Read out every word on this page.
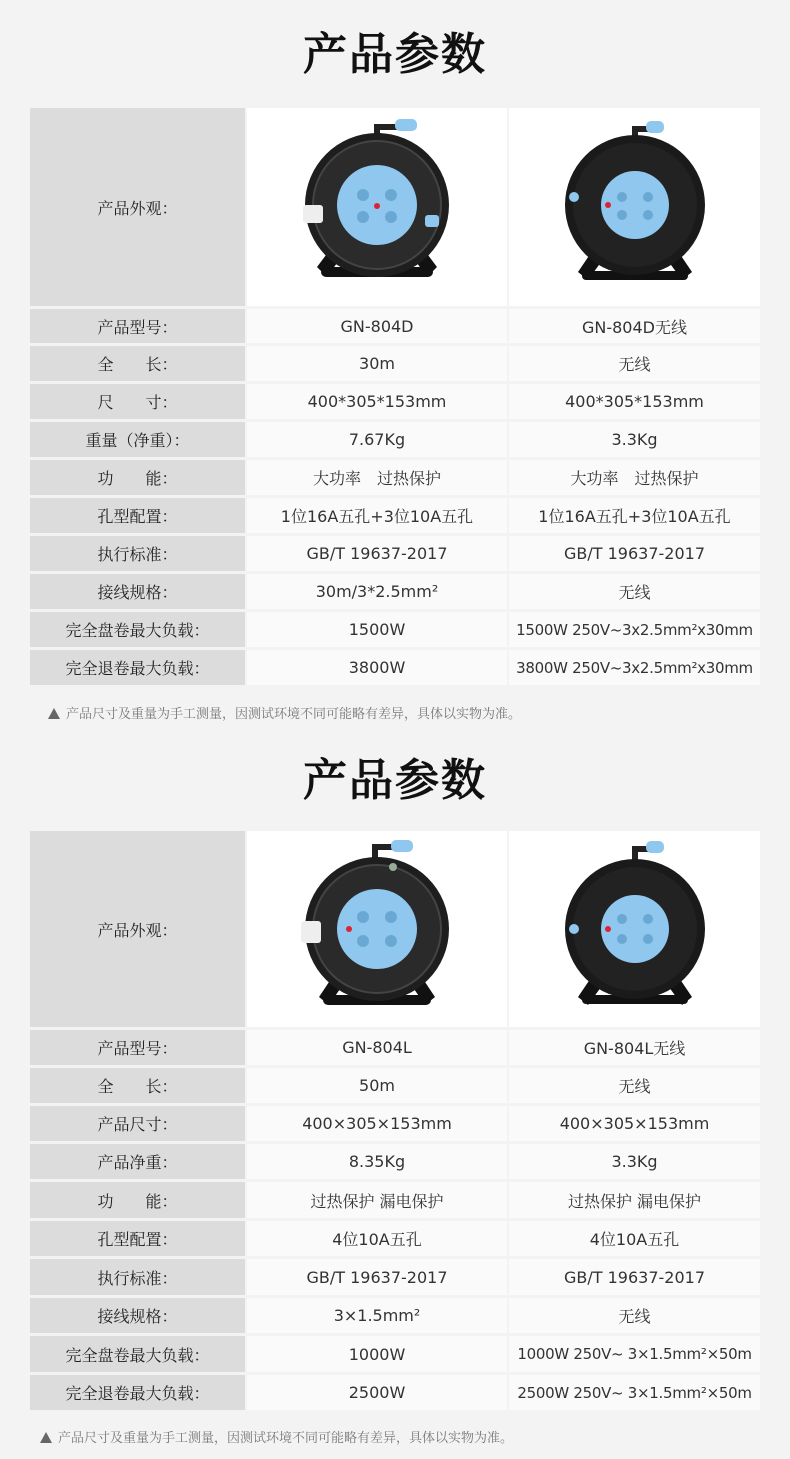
产品参数
产品外观：
产品型号：	GN-804D	GN-804D无线
全　　长：	30m	无线
尺　　寸：	400*305*153mm	400*305*153mm
重量（净重）：	7.67Kg	3.3Kg
功　　能：	大功率　过热保护	大功率　过热保护
孔型配置：	1位16A五孔+3位10A五孔	1位16A五孔+3位10A五孔
执行标准：	GB/T 19637-2017	GB/T 19637-2017
接线规格：	30m/3*2.5mm²	无线
完全盘卷最大负载：	1500W	1500W 250V~3x2.5mm²x30mm
完全退卷最大负载：	3800W	3800W 250V~3x2.5mm²x30mm
产品尺寸及重量为手工测量，因测试环境不同可能略有差异，具体以实物为准。
产品参数
产品外观：
产品型号：	GN-804L	GN-804L无线
全　　长：	50m	无线
产品尺寸：	400×305×153mm	400×305×153mm
产品净重：	8.35Kg	3.3Kg
功　　能：	过热保护 漏电保护	过热保护 漏电保护
孔型配置：	4位10A五孔	4位10A五孔
执行标准：	GB/T 19637-2017	GB/T 19637-2017
接线规格：	3×1.5mm²	无线
完全盘卷最大负载：	1000W	1000W 250V~ 3×1.5mm²×50m
完全退卷最大负载：	2500W	2500W 250V~ 3×1.5mm²×50m
产品尺寸及重量为手工测量，因测试环境不同可能略有差异，具体以实物为准。
